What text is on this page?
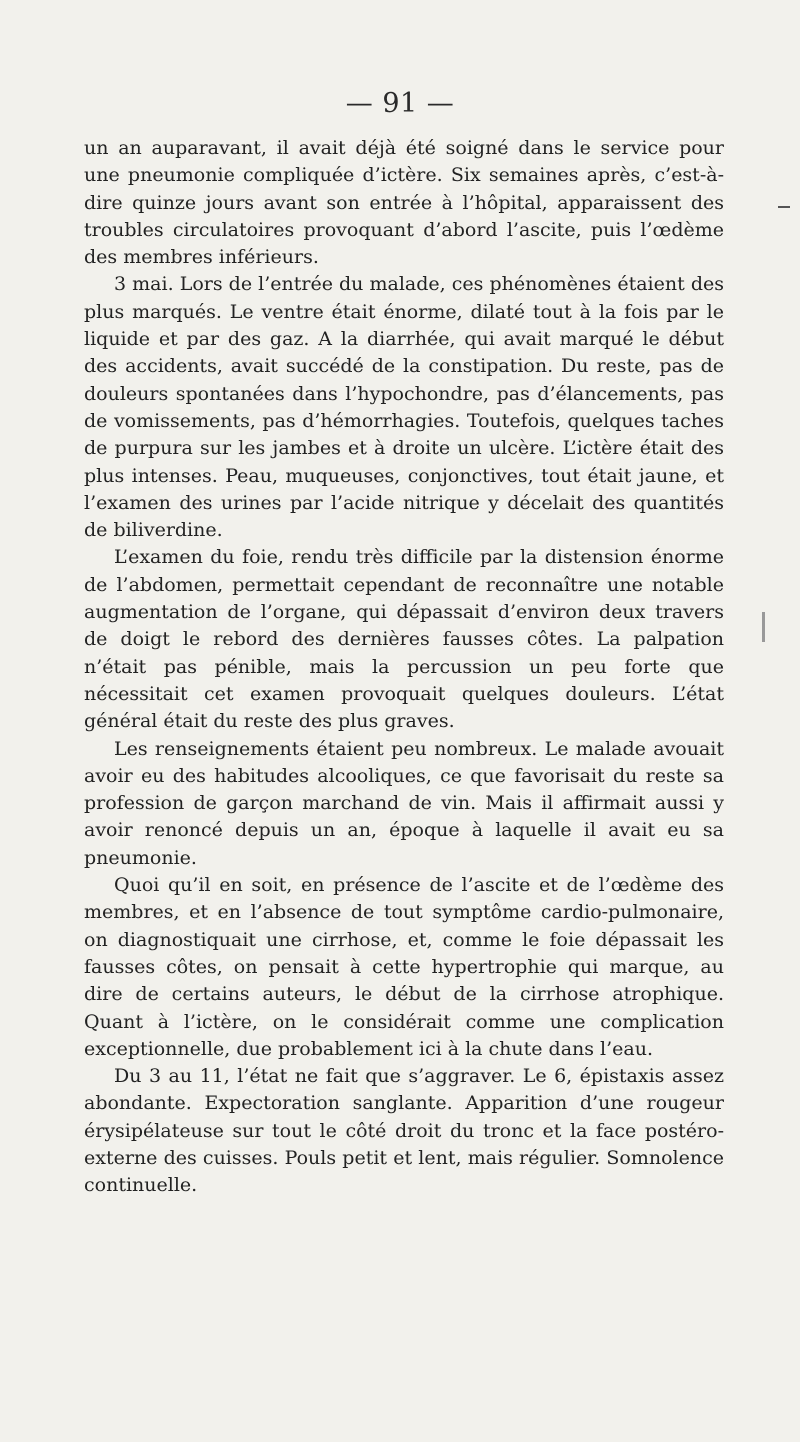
— 91 —

un an auparavant, il avait déjà été soigné dans le service pour une pneumonie compliquée d’ictère. Six semaines après, c’est-à-dire quinze jours avant son entrée à l’hôpital, apparaissent des troubles circulatoires provoquant d’abord l’ascite, puis l’œdème des membres inférieurs.

3 mai. Lors de l’entrée du malade, ces phénomènes étaient des plus marqués. Le ventre était énorme, dilaté tout à la fois par le liquide et par des gaz. A la diarrhée, qui avait marqué le début des accidents, avait succédé de la constipation. Du reste, pas de douleurs spontanées dans l’hypochondre, pas d’élancements, pas de vomissements, pas d’hémorrhagies. Toutefois, quelques taches de purpura sur les jambes et à droite un ulcère. L’ictère était des plus intenses. Peau, muqueuses, conjonctives, tout était jaune, et l’examen des urines par l’acide nitrique y décelait des quantités de biliverdine.

L’examen du foie, rendu très difficile par la distension énorme de l’abdomen, permettait cependant de reconnaître une notable augmentation de l’organe, qui dépassait d’environ deux travers de doigt le rebord des dernières fausses côtes. La palpation n’était pas pénible, mais la percussion un peu forte que nécessitait cet examen provoquait quelques douleurs. L’état général était du reste des plus graves.

Les renseignements étaient peu nombreux. Le malade avouait avoir eu des habitudes alcooliques, ce que favorisait du reste sa profession de garçon marchand de vin. Mais il affirmait aussi y avoir renoncé depuis un an, époque à laquelle il avait eu sa pneumonie.

Quoi qu’il en soit, en présence de l’ascite et de l’œdème des membres, et en l’absence de tout symptôme cardio-pulmonaire, on diagnostiquait une cirrhose, et, comme le foie dépassait les fausses côtes, on pensait à cette hypertrophie qui marque, au dire de certains auteurs, le début de la cirrhose atrophique. Quant à l’ictère, on le considérait comme une complication exceptionnelle, due probablement ici à la chute dans l’eau.

Du 3 au 11, l’état ne fait que s’aggraver. Le 6, épistaxis assez abondante. Expectoration sanglante. Apparition d’une rougeur érysipélateuse sur tout le côté droit du tronc et la face postéro-externe des cuisses. Pouls petit et lent, mais régulier. Somnolence continuelle.
